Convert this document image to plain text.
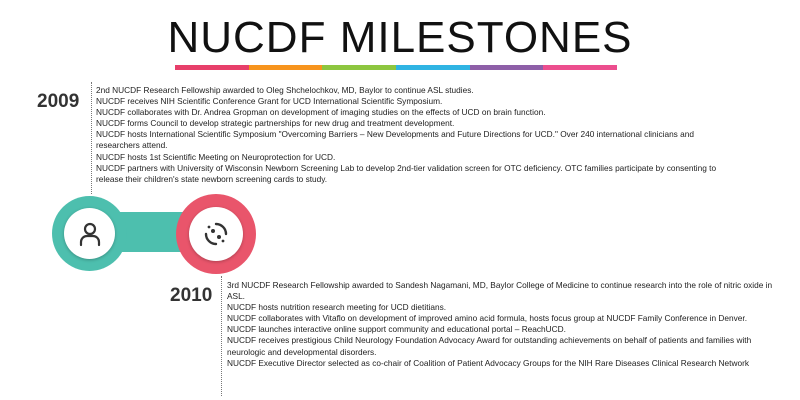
NUCDF MILESTONES
2009
2nd NUCDF Research Fellowship awarded to Oleg Shchelochkov, MD, Baylor to continue ASL studies.
NUCDF receives NIH Scientific Conference Grant for UCD International Scientific Symposium.
NUCDF collaborates with Dr. Andrea Gropman on development of imaging studies on the effects of UCD on brain function.
NUCDF forms Council to develop strategic partnerships for new drug and treatment development.
NUCDF hosts International Scientific Symposium "Overcoming Barriers – New Developments and Future Directions for UCD." Over 240 international clinicians and researchers attend.
NUCDF hosts 1st Scientific Meeting on Neuroprotection for UCD.
NUCDF partners with University of Wisconsin Newborn Screening Lab to develop 2nd-tier validation screen for OTC deficiency. OTC families participate by consenting to release their children's state newborn screening cards to study.
2010 3rd NUCDF Research Fellowship awarded to Sandesh Nagamani, MD, Baylor College of Medicine to continue research into the role of nitric oxide in ASL.
NUCDF hosts nutrition research meeting for UCD dietitians.
NUCDF collaborates with Vitaflo on development of improved amino acid formula, hosts focus group at NUCDF Family Conference in Denver.
NUCDF launches interactive online support community and educational portal – ReachUCD.
NUCDF receives prestigious Child Neurology Foundation Advocacy Award for outstanding achievements on behalf of patients and families with neurologic and developmental disorders.
NUCDF Executive Director selected as co-chair of Coalition of Patient Advocacy Groups for the NIH Rare Diseases Clinical Research Network
